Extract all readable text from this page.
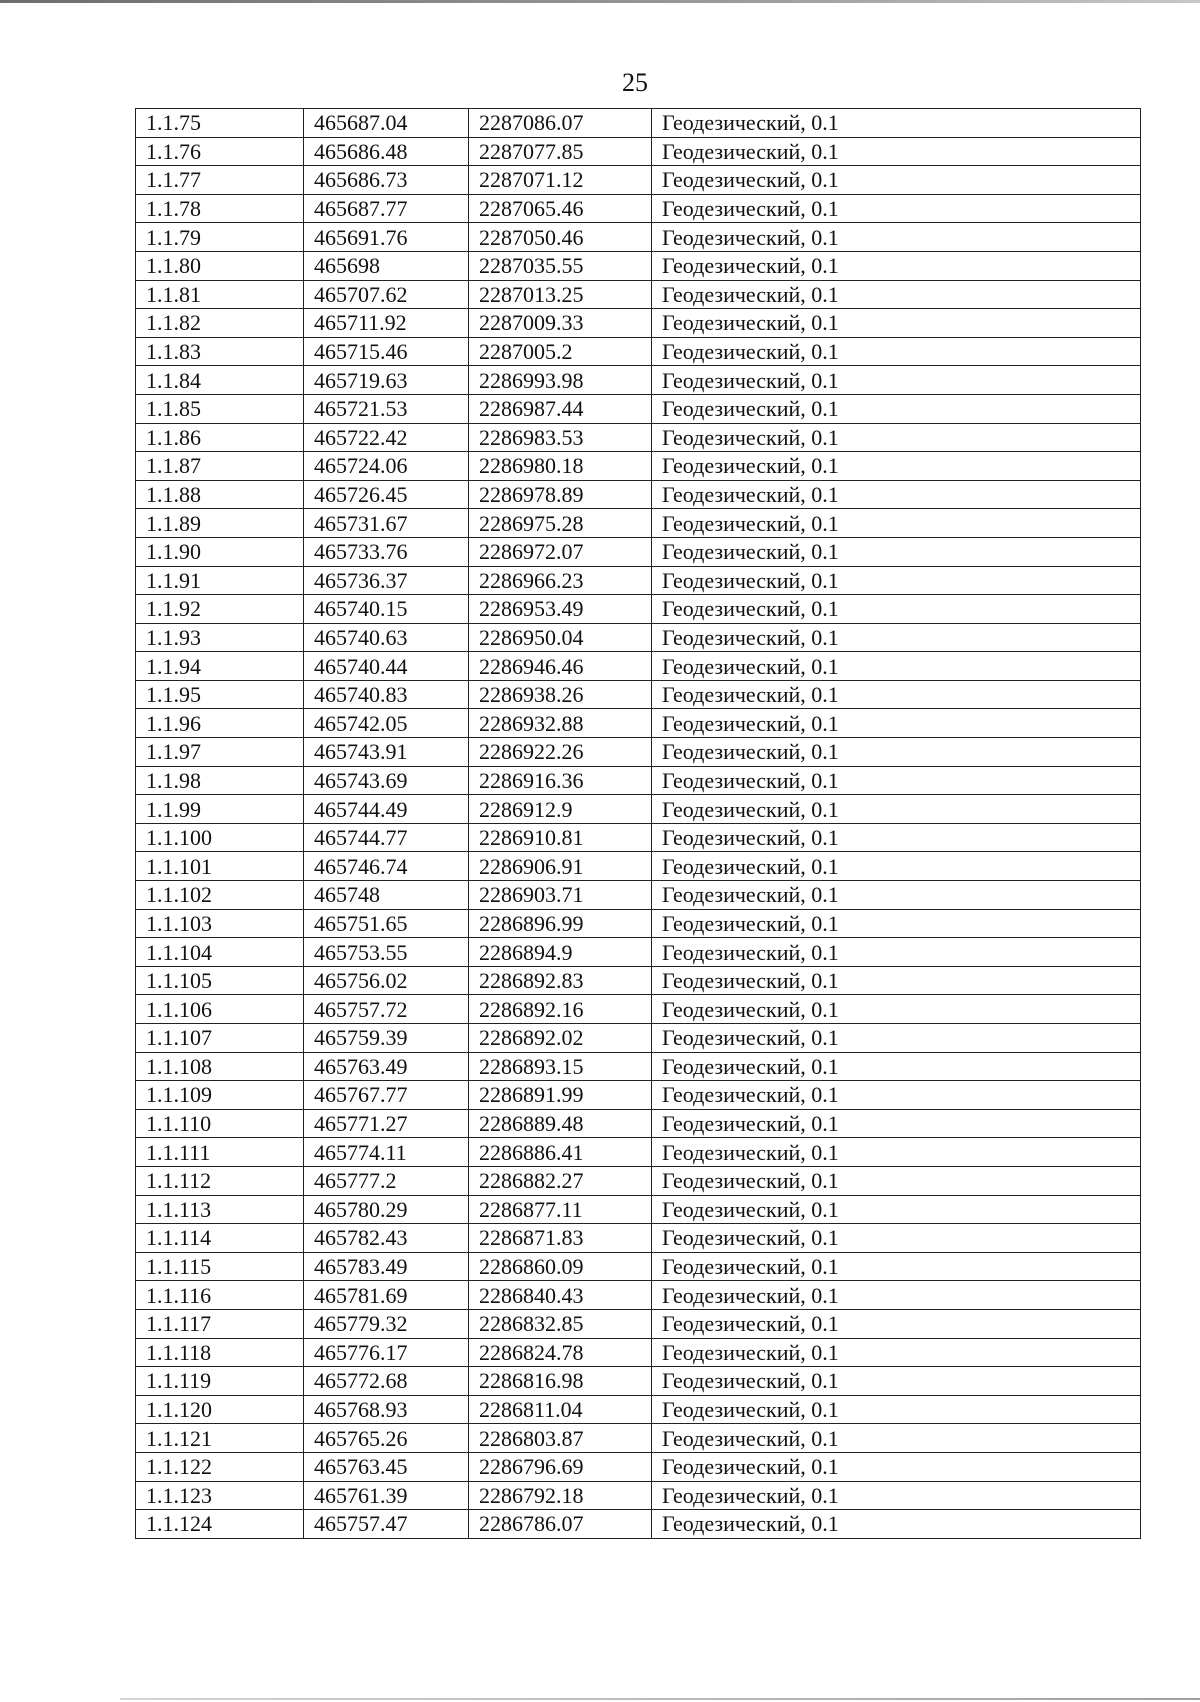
25
1.1.75	465687.04	2287086.07	Геодезический, 0.1
1.1.76	465686.48	2287077.85	Геодезический, 0.1
1.1.77	465686.73	2287071.12	Геодезический, 0.1
1.1.78	465687.77	2287065.46	Геодезический, 0.1
1.1.79	465691.76	2287050.46	Геодезический, 0.1
1.1.80	465698	2287035.55	Геодезический, 0.1
1.1.81	465707.62	2287013.25	Геодезический, 0.1
1.1.82	465711.92	2287009.33	Геодезический, 0.1
1.1.83	465715.46	2287005.2	Геодезический, 0.1
1.1.84	465719.63	2286993.98	Геодезический, 0.1
1.1.85	465721.53	2286987.44	Геодезический, 0.1
1.1.86	465722.42	2286983.53	Геодезический, 0.1
1.1.87	465724.06	2286980.18	Геодезический, 0.1
1.1.88	465726.45	2286978.89	Геодезический, 0.1
1.1.89	465731.67	2286975.28	Геодезический, 0.1
1.1.90	465733.76	2286972.07	Геодезический, 0.1
1.1.91	465736.37	2286966.23	Геодезический, 0.1
1.1.92	465740.15	2286953.49	Геодезический, 0.1
1.1.93	465740.63	2286950.04	Геодезический, 0.1
1.1.94	465740.44	2286946.46	Геодезический, 0.1
1.1.95	465740.83	2286938.26	Геодезический, 0.1
1.1.96	465742.05	2286932.88	Геодезический, 0.1
1.1.97	465743.91	2286922.26	Геодезический, 0.1
1.1.98	465743.69	2286916.36	Геодезический, 0.1
1.1.99	465744.49	2286912.9	Геодезический, 0.1
1.1.100	465744.77	2286910.81	Геодезический, 0.1
1.1.101	465746.74	2286906.91	Геодезический, 0.1
1.1.102	465748	2286903.71	Геодезический, 0.1
1.1.103	465751.65	2286896.99	Геодезический, 0.1
1.1.104	465753.55	2286894.9	Геодезический, 0.1
1.1.105	465756.02	2286892.83	Геодезический, 0.1
1.1.106	465757.72	2286892.16	Геодезический, 0.1
1.1.107	465759.39	2286892.02	Геодезический, 0.1
1.1.108	465763.49	2286893.15	Геодезический, 0.1
1.1.109	465767.77	2286891.99	Геодезический, 0.1
1.1.110	465771.27	2286889.48	Геодезический, 0.1
1.1.111	465774.11	2286886.41	Геодезический, 0.1
1.1.112	465777.2	2286882.27	Геодезический, 0.1
1.1.113	465780.29	2286877.11	Геодезический, 0.1
1.1.114	465782.43	2286871.83	Геодезический, 0.1
1.1.115	465783.49	2286860.09	Геодезический, 0.1
1.1.116	465781.69	2286840.43	Геодезический, 0.1
1.1.117	465779.32	2286832.85	Геодезический, 0.1
1.1.118	465776.17	2286824.78	Геодезический, 0.1
1.1.119	465772.68	2286816.98	Геодезический, 0.1
1.1.120	465768.93	2286811.04	Геодезический, 0.1
1.1.121	465765.26	2286803.87	Геодезический, 0.1
1.1.122	465763.45	2286796.69	Геодезический, 0.1
1.1.123	465761.39	2286792.18	Геодезический, 0.1
1.1.124	465757.47	2286786.07	Геодезический, 0.1
